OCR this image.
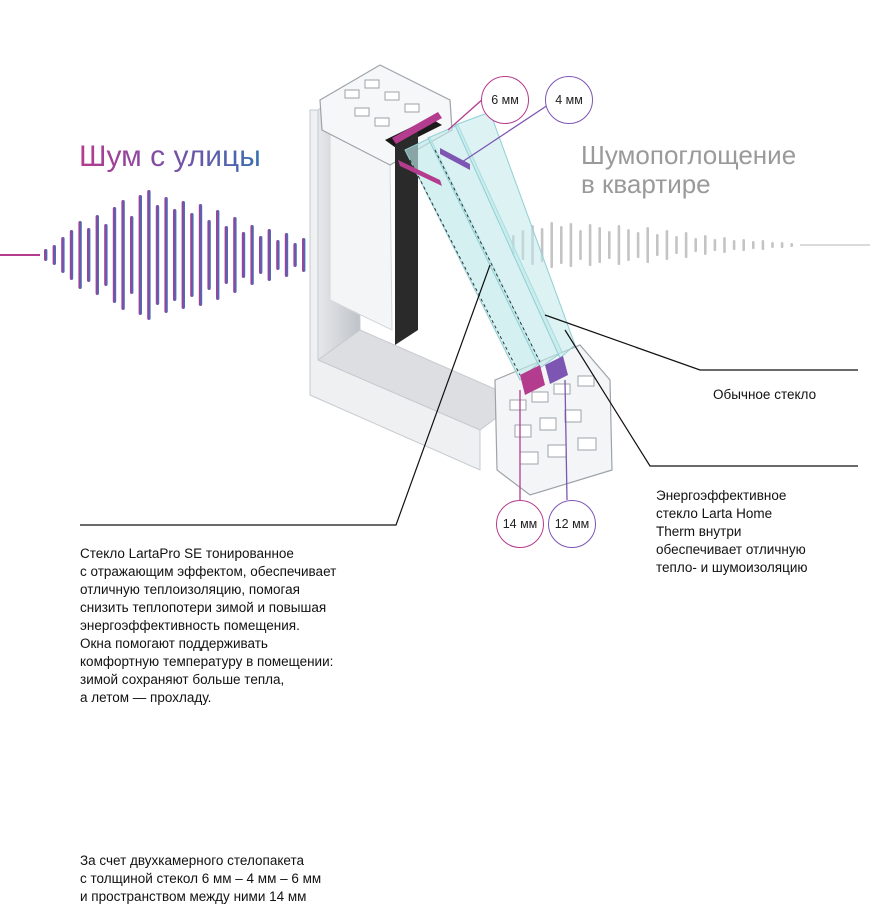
Шум с улицы	Шумопоглощение
в квартире
6 мм	4 мм
14 мм	12 мм
Обычное стекло
Энергоэффективное
стекло Larta Home
Therm внутри
обеспечивает отличную
тепло- и шумоизоляцию
Стекло LartaPro SE тонированное
с отражающим эффектом, обеспечивает
отличную теплоизоляцию, помогая
снизить теплопотери зимой и повышая
энергоэффективность помещения.
Окна помогают поддерживать
комфортную температуру в помещении:
зимой сохраняют больше тепла,
а летом — прохладу.
За счет двухкамерного стелопакета
с толщиной стекол 6 мм – 4 мм – 6 мм
и пространством между ними 14 мм
